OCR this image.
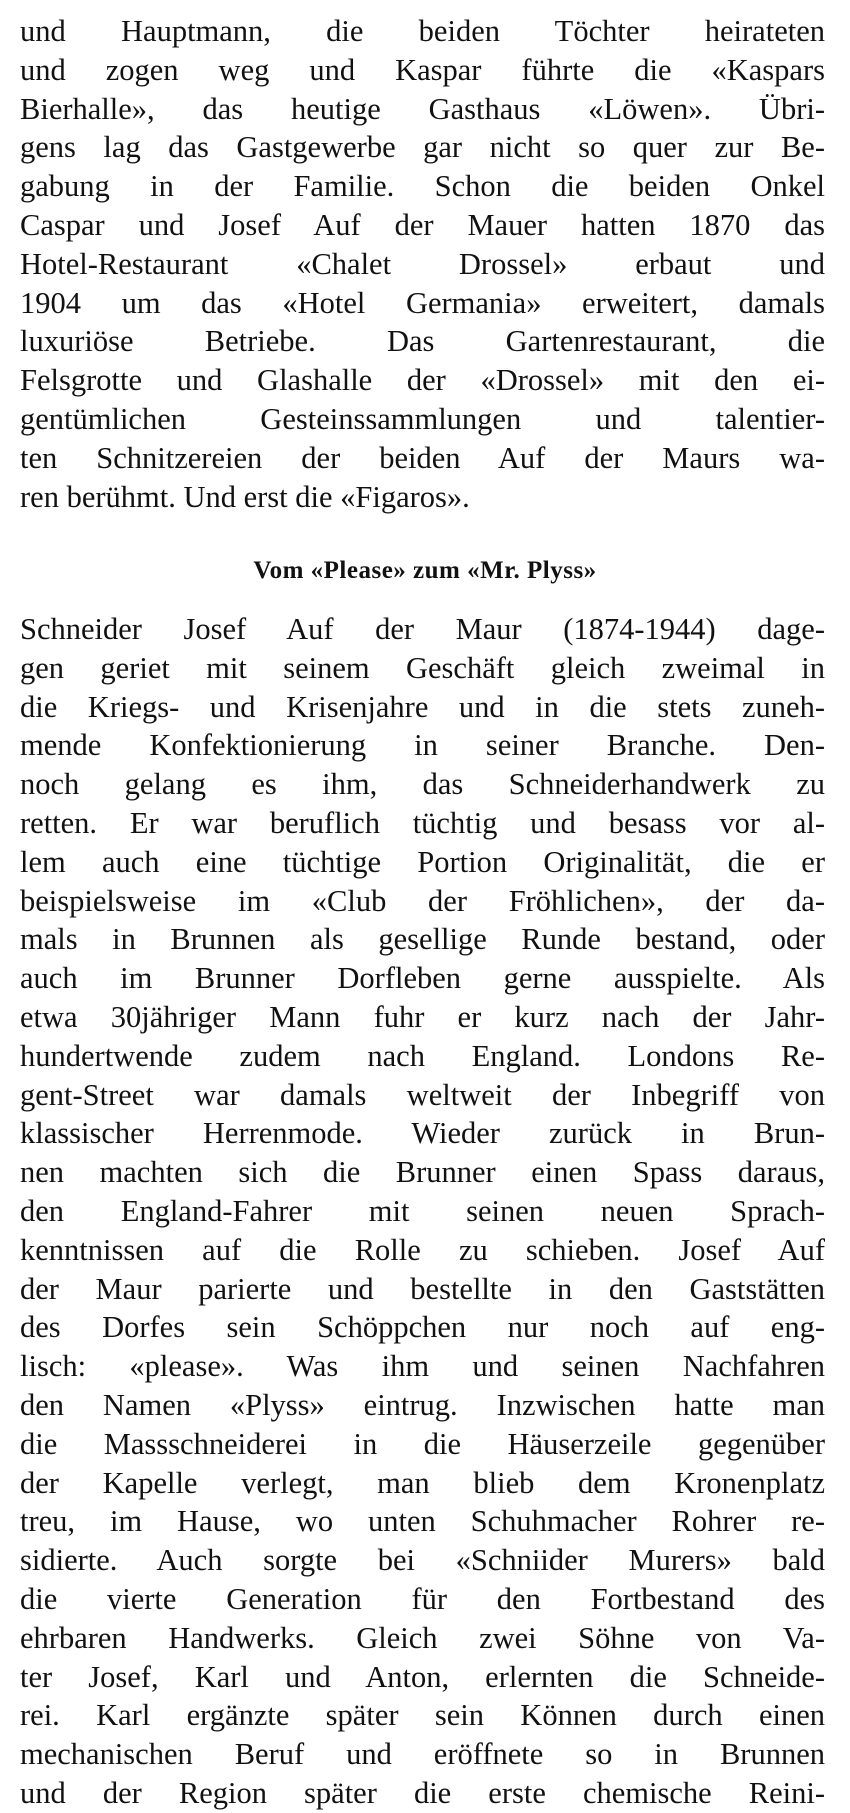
und Hauptmann, die beiden Töchter heirateten
und zogen weg und Kaspar führte die «Kaspars
Bierhalle», das heutige Gasthaus «Löwen». Übri-
gens lag das Gastgewerbe gar nicht so quer zur Be-
gabung in der Familie. Schon die beiden Onkel
Caspar und Josef Auf der Mauer hatten 1870 das
Hotel-Restaurant «Chalet Drossel» erbaut und
1904 um das «Hotel Germania» erweitert, damals
luxuriöse Betriebe. Das Gartenrestaurant, die
Felsgrotte und Glashalle der «Drossel» mit den ei-
gentümlichen Gesteinssammlungen und talentier-
ten Schnitzereien der beiden Auf der Maurs wa-
ren berühmt. Und erst die «Figaros».
Vom «Please» zum «Mr. Plyss»
Schneider Josef Auf der Maur (1874-1944) dage-
gen geriet mit seinem Geschäft gleich zweimal in
die Kriegs- und Krisenjahre und in die stets zuneh-
mende Konfektionierung in seiner Branche. Den-
noch gelang es ihm, das Schneiderhandwerk zu
retten. Er war beruflich tüchtig und besass vor al-
lem auch eine tüchtige Portion Originalität, die er
beispielsweise im «Club der Fröhlichen», der da-
mals in Brunnen als gesellige Runde bestand, oder
auch im Brunner Dorfleben gerne ausspielte. Als
etwa 30jähriger Mann fuhr er kurz nach der Jahr-
hundertwende zudem nach England. Londons Re-
gent-Street war damals weltweit der Inbegriff von
klassischer Herrenmode. Wieder zurück in Brun-
nen machten sich die Brunner einen Spass daraus,
den England-Fahrer mit seinen neuen Sprach-
kenntnissen auf die Rolle zu schieben. Josef Auf
der Maur parierte und bestellte in den Gaststätten
des Dorfes sein Schöppchen nur noch auf eng-
lisch: «please». Was ihm und seinen Nachfahren
den Namen «Plyss» eintrug. Inzwischen hatte man
die Massschneiderei in die Häuserzeile gegenüber
der Kapelle verlegt, man blieb dem Kronenplatz
treu, im Hause, wo unten Schuhmacher Rohrer re-
sidierte. Auch sorgte bei «Schniider Murers» bald
die vierte Generation für den Fortbestand des
ehrbaren Handwerks. Gleich zwei Söhne von Va-
ter Josef, Karl und Anton, erlernten die Schneide-
rei. Karl ergänzte später sein Können durch einen
mechanischen Beruf und eröffnete so in Brunnen
und der Region später die erste chemische Reini-
